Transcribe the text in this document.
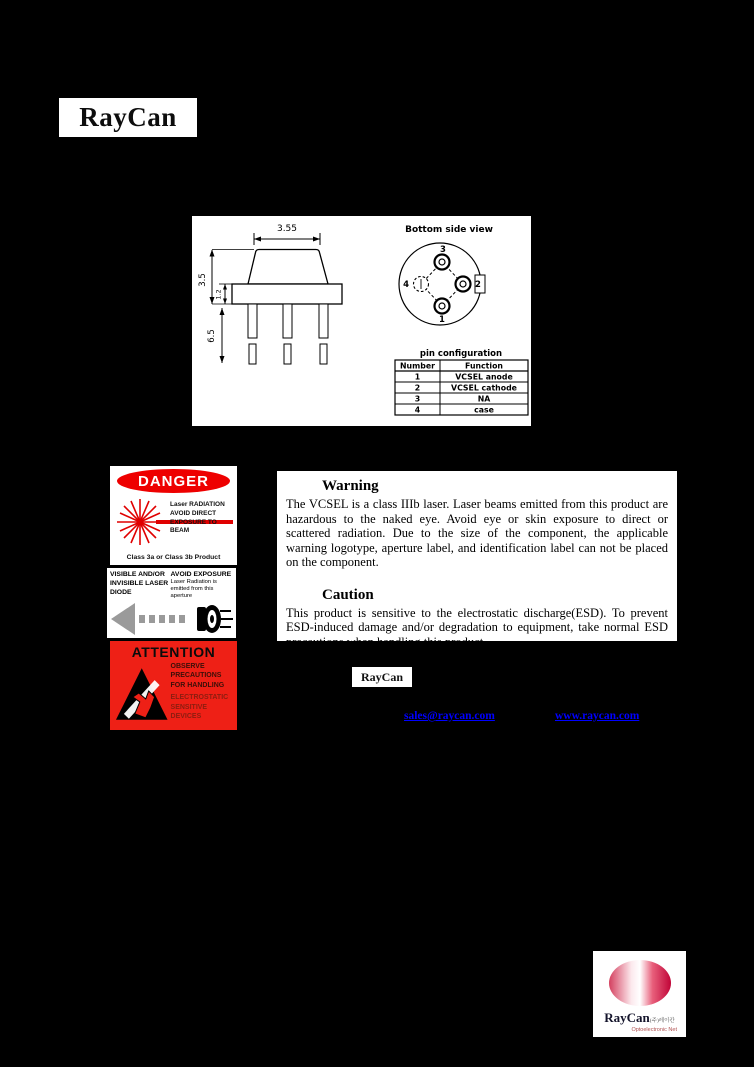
RayCan
3.55
3.5
1.2
6.5
Bottom side view
3
2
1
4
pin configuration
Number	Function
1	VCSEL anode
2	VCSEL cathode
3	NA
4	case
DANGER
Laser RADIATION
AVOID DIRECT
EXPOSURE TO BEAM
Class 3a or Class 3b Product
VISIBLE AND/OR INVISIBLE LASER DIODE
AVOID EXPOSURE
Laser Radiation is emitted from this aperture
ATTENTION
OBSERVE PRECAUTIONS FOR HANDLING
ELECTROSTATIC SENSITIVE DEVICES
Warning

The VCSEL is a class IIIb laser. Laser beams emitted from this product are hazardous to the naked eye. Avoid eye or skin exposure to direct or scattered radiation. Due to the size of the component, the applicable warning logotype, aperture label, and identification label can not be placed on the component.

Caution

This product is sensitive to the electrostatic discharge(ESD). To prevent ESD-induced damage and/or degradation to equipment, take normal ESD precautions when handling this product.

RayCan
sales@raycan.com	www.raycan.com
RayCan(주)레이칸
Optoelectronic Net
